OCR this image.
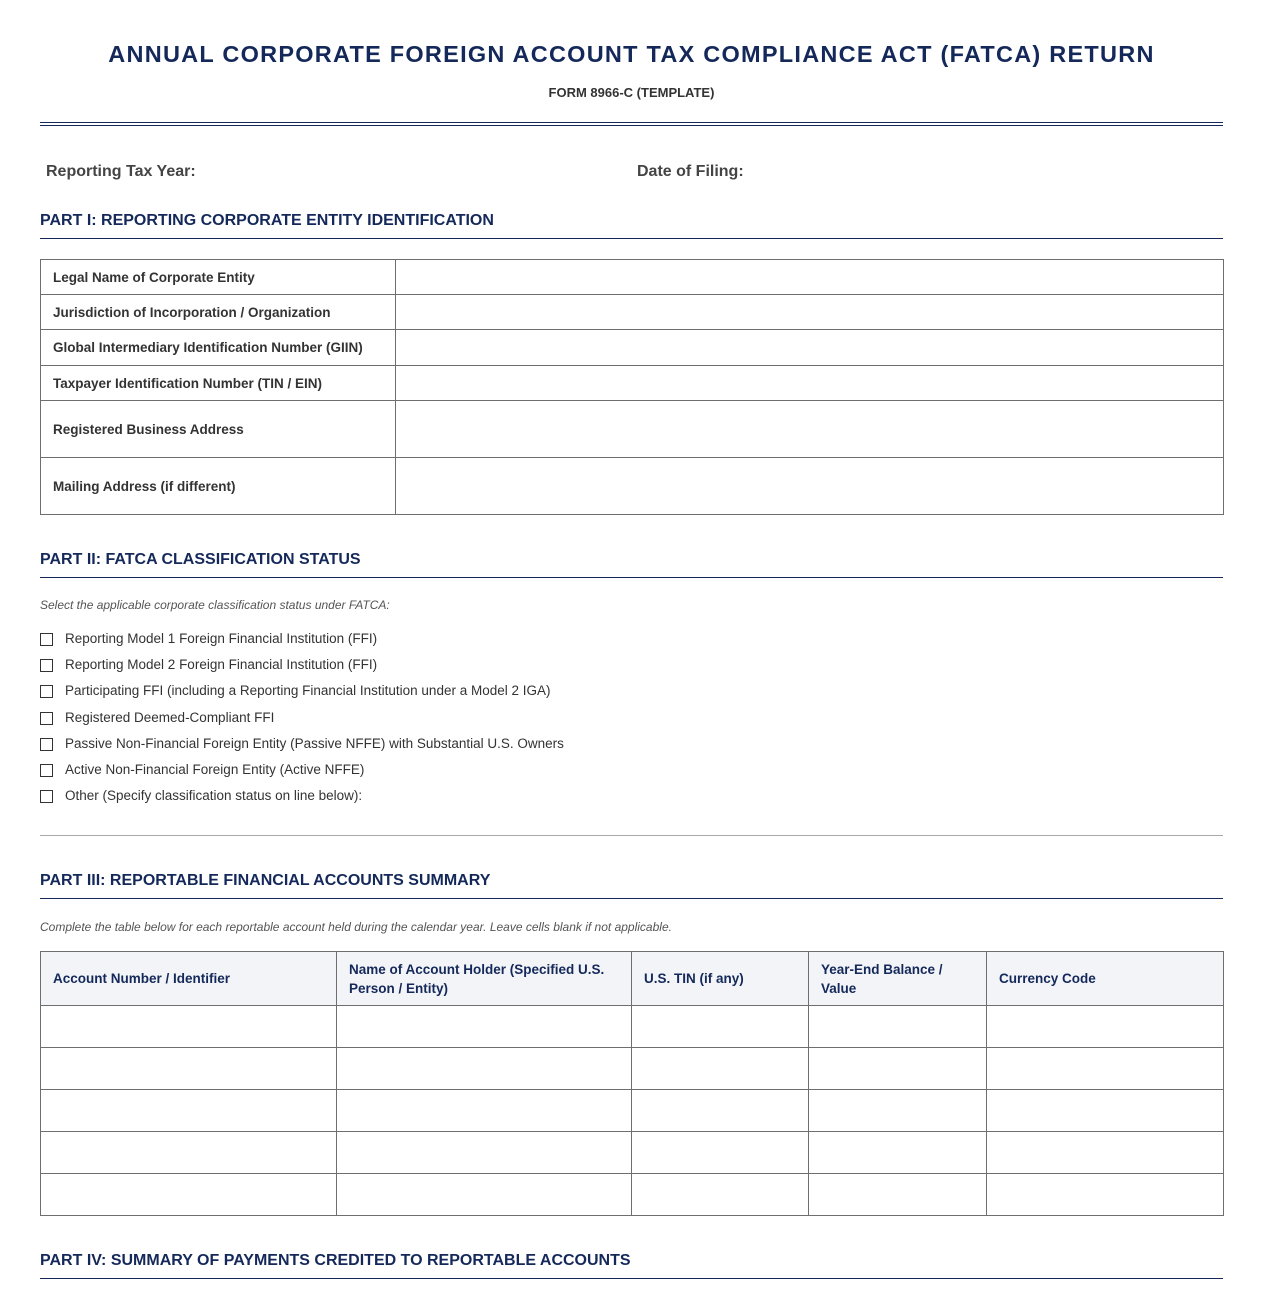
ANNUAL CORPORATE FOREIGN ACCOUNT TAX COMPLIANCE ACT (FATCA) RETURN
FORM 8966-C (TEMPLATE)
Reporting Tax Year:	Date of Filing:
PART I: REPORTING CORPORATE ENTITY IDENTIFICATION
Legal Name of Corporate Entity	
Jurisdiction of Incorporation / Organization	
Global Intermediary Identification Number (GIIN)	
Taxpayer Identification Number (TIN / EIN)	
Registered Business Address	
Mailing Address (if different)	
PART II: FATCA CLASSIFICATION STATUS
Select the applicable corporate classification status under FATCA:
Reporting Model 1 Foreign Financial Institution (FFI)
Reporting Model 2 Foreign Financial Institution (FFI)
Participating FFI (including a Reporting Financial Institution under a Model 2 IGA)
Registered Deemed-Compliant FFI
Passive Non-Financial Foreign Entity (Passive NFFE) with Substantial U.S. Owners
Active Non-Financial Foreign Entity (Active NFFE)
Other (Specify classification status on line below):
PART III: REPORTABLE FINANCIAL ACCOUNTS SUMMARY
Complete the table below for each reportable account held during the calendar year. Leave cells blank if not applicable.
Account Number / Identifier	Name of Account Holder (Specified U.S. Person / Entity)	U.S. TIN (if any)	Year-End Balance / Value	Currency Code

PART IV: SUMMARY OF PAYMENTS CREDITED TO REPORTABLE ACCOUNTS
